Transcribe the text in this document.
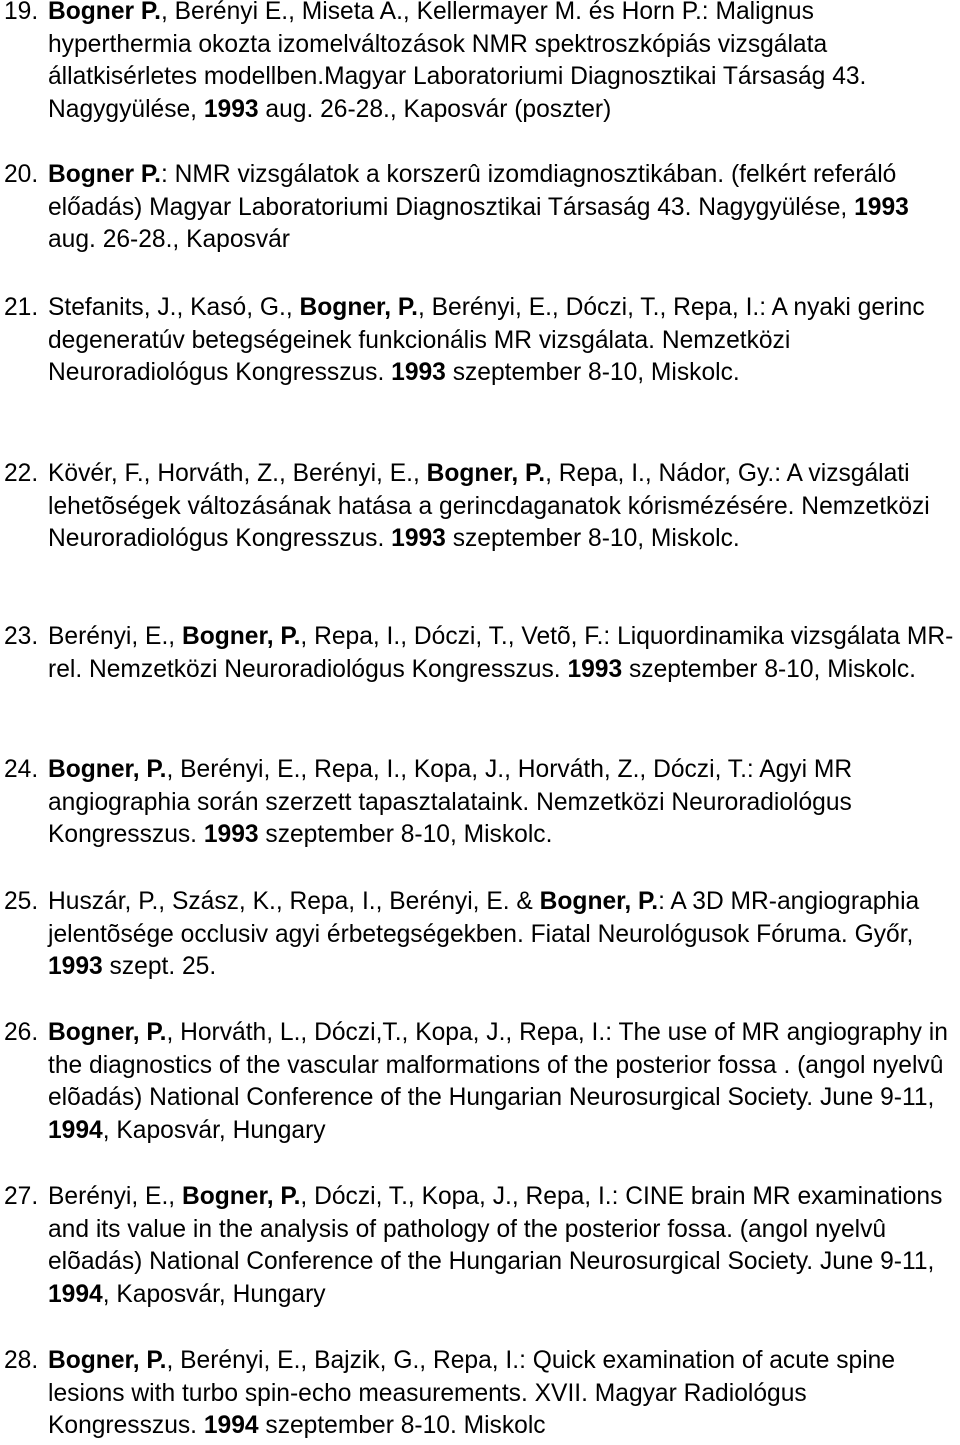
19. Bogner P., Berényi E., Miseta A., Kellermayer M. és Horn P.: Malignus hyperthermia okozta izomelváltozások NMR spektroszkópiás vizsgálata állatkisérletes modellben.Magyar Laboratoriumi Diagnosztikai Társaság 43. Nagygyülése, 1993 aug. 26-28., Kaposvár (poszter)
20. Bogner P.: NMR vizsgálatok a korszerû izomdiagnosztikában. (felkért referáló előadás) Magyar Laboratoriumi Diagnosztikai Társaság 43. Nagygyülése, 1993 aug. 26-28., Kaposvár
21. Stefanits, J., Kasó, G., Bogner, P., Berényi, E., Dóczi, T., Repa, I.: A nyaki gerinc degeneratúv betegségeinek funkcionális MR vizsgálata. Nemzetközi Neuroradiológus Kongresszus. 1993 szeptember 8-10, Miskolc.
22. Kövér, F., Horváth, Z., Berényi, E., Bogner, P., Repa, I., Nádor, Gy.: A vizsgálati lehetõségek változásának hatása a gerincdaganatok kórismézésére. Nemzetközi Neuroradiológus Kongresszus. 1993 szeptember 8-10, Miskolc.
23. Berényi, E., Bogner, P., Repa, I., Dóczi, T., Vetõ, F.: Liquordinamika vizsgálata MR-rel. Nemzetközi Neuroradiológus Kongresszus. 1993 szeptember 8-10, Miskolc.
24. Bogner, P., Berényi, E., Repa, I., Kopa, J., Horváth, Z., Dóczi, T.: Agyi MR angiographia során szerzett tapasztalataink. Nemzetközi Neuroradiológus Kongresszus. 1993 szeptember 8-10, Miskolc.
25. Huszár, P., Szász, K., Repa, I., Berényi, E. & Bogner, P.: A 3D MR-angiographia jelentõsége occlusiv agyi érbetegségekben. Fiatal Neurológusok Fóruma. Győr, 1993 szept. 25.
26. Bogner, P., Horváth, L., Dóczi,T., Kopa, J., Repa, I.: The use of MR angiography in the diagnostics of the vascular malformations of the posterior fossa . (angol nyelvû elõadás) National Conference of the Hungarian Neurosurgical Society. June 9-11, 1994, Kaposvár, Hungary
27. Berényi, E., Bogner, P., Dóczi, T., Kopa, J., Repa, I.: CINE brain MR examinations and its value in the analysis of pathology of the posterior fossa. (angol nyelvû elõadás) National Conference of the Hungarian Neurosurgical Society. June 9-11, 1994, Kaposvár, Hungary
28. Bogner, P., Berényi, E., Bajzik, G., Repa, I.: Quick examination of acute spine lesions with turbo spin-echo measurements. XVII. Magyar Radiológus Kongresszus. 1994 szeptember 8-10. Miskolc
